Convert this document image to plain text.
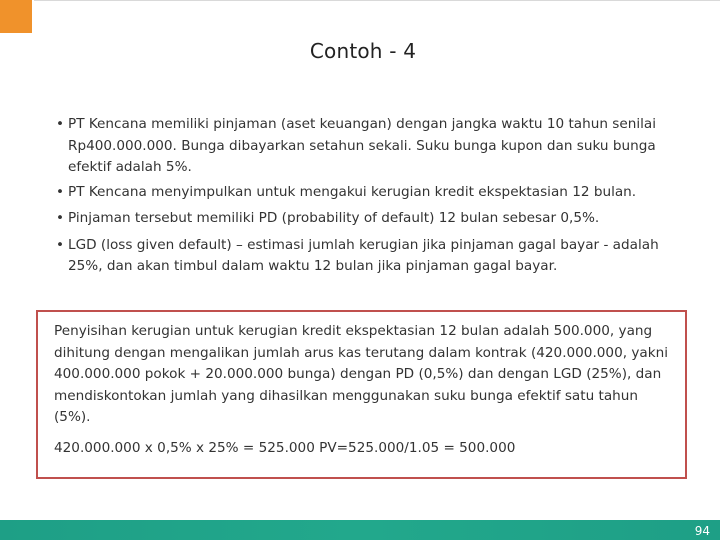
Contoh - 4
• PT Kencana memiliki pinjaman (aset keuangan) dengan jangka waktu 10 tahun senilai Rp400.000.000. Bunga dibayarkan setahun sekali. Suku bunga kupon dan suku bunga efektif adalah 5%.
• PT Kencana menyimpulkan untuk mengakui kerugian kredit ekspektasian 12 bulan.
• Pinjaman tersebut memiliki PD (probability of default) 12 bulan sebesar 0,5%.
• LGD (loss given default) – estimasi jumlah kerugian jika pinjaman gagal bayar - adalah 25%, dan akan timbul dalam waktu 12 bulan jika pinjaman gagal bayar.

Penyisihan kerugian untuk kerugian kredit ekspektasian 12 bulan adalah 500.000, yang dihitung dengan mengalikan jumlah arus kas terutang dalam kontrak (420.000.000, yakni 400.000.000 pokok + 20.000.000 bunga) dengan PD (0,5%) dan dengan LGD (25%), dan mendiskontokan jumlah yang dihasilkan menggunakan suku bunga efektif satu tahun (5%).

420.000.000 x 0,5% x 25% = 525.000 PV=525.000/1.05 = 500.000

94
